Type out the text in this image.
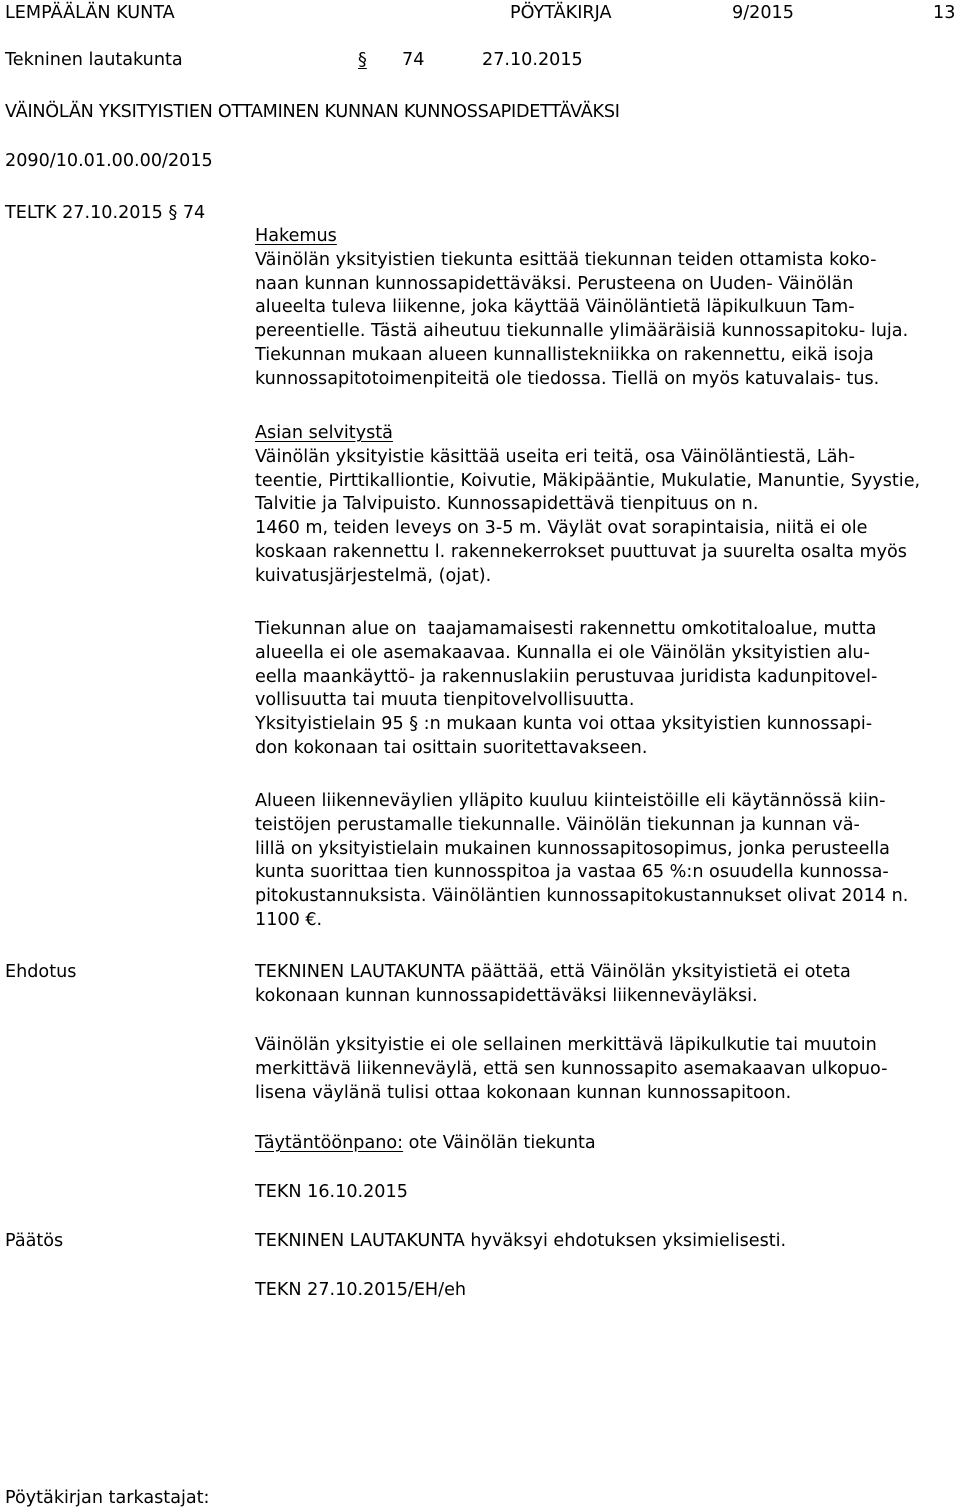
LEMPÄÄLÄN KUNTA	PÖYTÄKIRJA	9/2015	13
Tekninen lautakunta	§ 74	27.10.2015
VÄINÖLÄN YKSITYISTIEN OTTAMINEN KUNNAN KUNNOSSAPIDETTÄVÄKSI
2090/10.01.00.00/2015
TELTK 27.10.2015 § 74

Hakemus

Väinölän yksityistien tiekunta esittää tiekunnan teiden ottamista koko-

naan kunnan kunnossapidettäväksi. Perusteena on Uuden- Väinölän

alueelta tuleva liikenne, joka käyttää Väinöläntietä läpikulkuun Tam-

pereentielle. Tästä aiheutuu tiekunnalle ylimääräisiä kunnossapitoku- luja.

Tiekunnan mukaan alueen kunnallistekniikka on rakennettu, eikä isoja

kunnossapitotoimenpiteitä ole tiedossa. Tiellä on myös katuvalais- tus.

Asian selvitystä

Väinölän yksityistie käsittää useita eri teitä, osa Väinöläntiestä, Läh-

teentie, Pirttikalliontie, Koivutie, Mäkipääntie, Mukulatie, Manuntie, Syystie,

Talvitie ja Talvipuisto. Kunnossapidettävä tienpituus on n.

1460 m, teiden leveys on 3-5 m. Väylät ovat sorapintaisia, niitä ei ole

koskaan rakennettu l. rakennekerrokset puuttuvat ja suurelta osalta myös

kuivatusjärjestelmä, (ojat).

Tiekunnan alue on  taajamamaisesti rakennettu omkotitaloalue, mutta

alueella ei ole asemakaavaa. Kunnalla ei ole Väinölän yksityistien alu-

eella maankäyttö- ja rakennuslakiin perustuvaa juridista kadunpitovel-

vollisuutta tai muuta tienpitovelvollisuutta.

Yksityistielain 95 § :n mukaan kunta voi ottaa yksityistien kunnossapi-

don kokonaan tai osittain suoritettavakseen.

Alueen liikenneväylien ylläpito kuuluu kiinteistöille eli käytännössä kiin-

teistöjen perustamalle tiekunnalle. Väinölän tiekunnan ja kunnan vä-

lillä on yksityistielain mukainen kunnossapitosopimus, jonka perusteella

kunta suorittaa tien kunnosspitoa ja vastaa 65 %:n osuudella kunnossa-

pitokustannuksista. Väinöläntien kunnossapitokustannukset olivat 2014 n.

1100 €.

Ehdotus	TEKNINEN LAUTAKUNTA päättää, että Väinölän yksityistietä ei oteta

kokonaan kunnan kunnossapidettäväksi liikenneväyläksi.

Väinölän yksityistie ei ole sellainen merkittävä läpikulkutie tai muutoin

merkittävä liikenneväylä, että sen kunnossapito asemakaavan ulkopuo-

lisena väylänä tulisi ottaa kokonaan kunnan kunnossapitoon.

Täytäntöönpano: ote Väinölän tiekunta

TEKN 16.10.2015

Päätös	TEKNINEN LAUTAKUNTA hyväksyi ehdotuksen yksimielisesti.

TEKN 27.10.2015/EH/eh

Pöytäkirjan tarkastajat:
